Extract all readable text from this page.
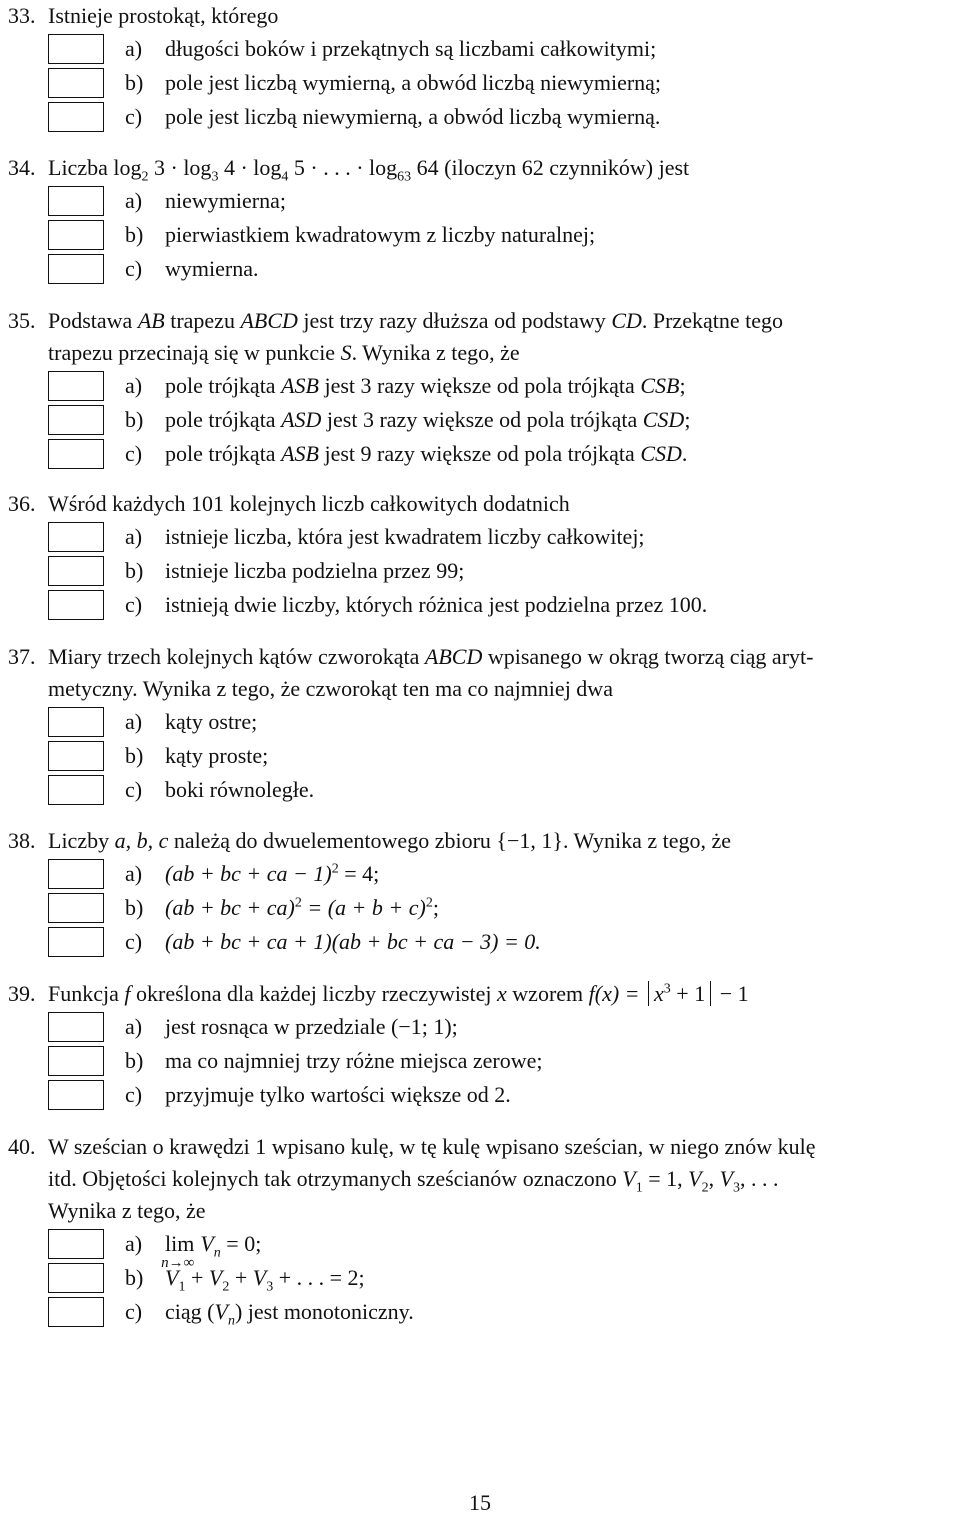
33. Istnieje prostokąt, którego
a) długości boków i przekątnych są liczbami całkowitymi;
b) pole jest liczbą wymierną, a obwód liczbą niewymierną;
c) pole jest liczbą niewymierną, a obwód liczbą wymierną.
34. Liczba $\log_2 3 \cdot \log_3 4 \cdot \log_4 5$ · . . . · $\log_{63} 64$ (iloczyn 62 czynników) jest
a) niewymierna;
b) pierwiastkiem kwadratowym z liczby naturalnej;
c) wymierna.
35. Podstawa AB trapezu ABCD jest trzy razy dłuższa od podstawy CD. Przekątne tego
trapezu przecinają się w punkcie S. Wynika z tego, że
a) pole trójkąta ASB jest 3 razy większe od pola trójkąta CSB;
b) pole trójkąta ASD jest 3 razy większe od pola trójkąta CSD;
c) pole trójkąta ASB jest 9 razy większe od pola trójkąta CSD.
36. Wśród każdych 101 kolejnych liczb całkowitych dodatnich
a) istnieje liczba, która jest kwadratem liczby całkowitej;
b) istnieje liczba podzielna przez 99;
c) istnieją dwie liczby, których różnica jest podzielna przez 100.
37. Miary trzech kolejnych kątów czworokąta ABCD wpisanego w okrąg tworzą ciąg aryt-
metyczny. Wynika z tego, że czworokąt ten ma co najmniej dwa
a) kąty ostre;
b) kąty proste;
c) boki równoległe.
38. Liczby a, b, c należą do dwuelementowego zbioru {−1, 1}. Wynika z tego, że
a) (ab + bc + ca − 1)$^2$ = 4;
b) (ab + bc + $ca)^2 = (a + b + c)^2$;
c) (ab + bc + ca + 1)(ab + bc + ca − 3) = 0.
39. Funkcja f określona dla każdej liczby rzeczywistej x wzorem $f(x) = x^3 + 1 - 1$
a) jest rosnąca w przedziale (−1; 1);
b) ma co najmniej trzy różne miejsca zerowe;
c) przyjmuje tylko wartości większe od 2.
40. W sześcian o krawędzi 1 wpisano kulę, w tę kulę wpisano sześcian, w niego znów kulę
itd. Objętości kolejnych tak otrzymanych sześcianów oznaczono $V_1 = 1$, $V_2$, $V_3$, . . .
Wynika z tego, że
a) lim
n→∞
$V_n = 0$;
b) $V_1 + V_2 + V_3$ + . . . = 2;
c) ciąg $(V_n)$ jest monotoniczny.
15
